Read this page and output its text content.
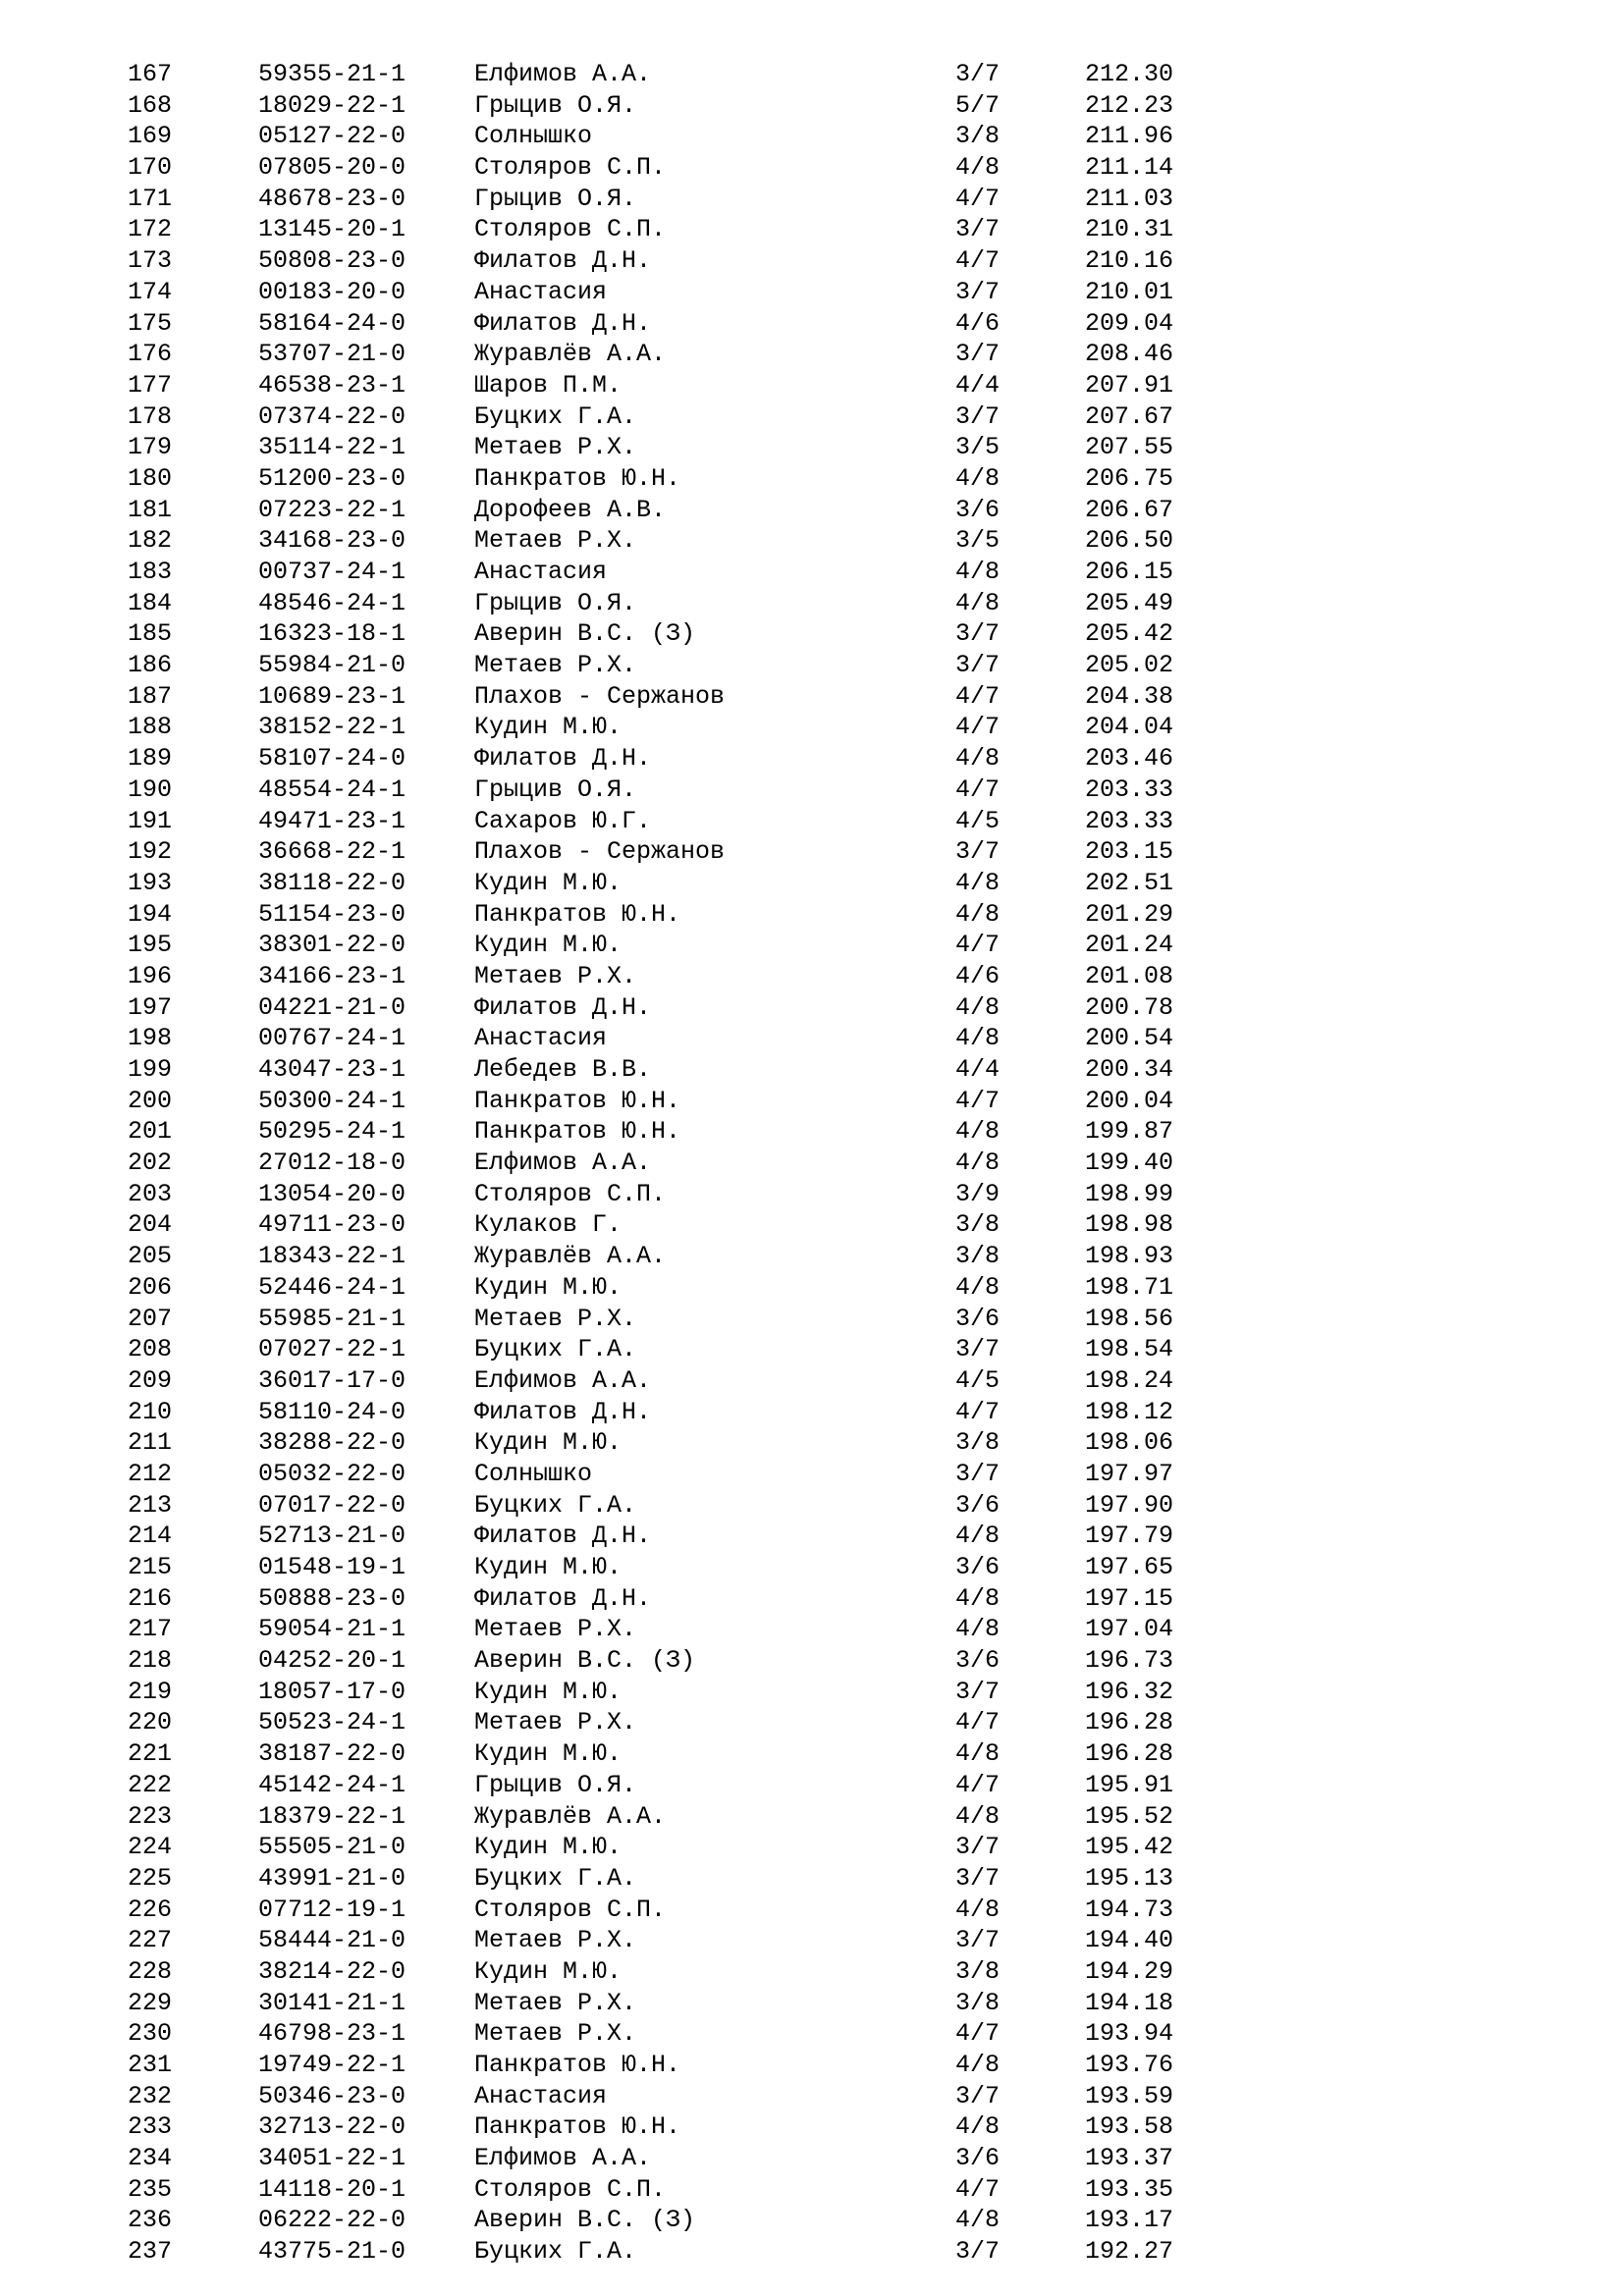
167	59355-21-1	Елфимов А.А.	3/7	212.30
168	18029-22-1	Грыцив О.Я.	5/7	212.23
169	05127-22-0	Солнышко	3/8	211.96
170	07805-20-0	Столяров С.П.	4/8	211.14
171	48678-23-0	Грыцив О.Я.	4/7	211.03
172	13145-20-1	Столяров С.П.	3/7	210.31
173	50808-23-0	Филатов Д.Н.	4/7	210.16
174	00183-20-0	Анастасия	3/7	210.01
175	58164-24-0	Филатов Д.Н.	4/6	209.04
176	53707-21-0	Журавлёв А.А.	3/7	208.46
177	46538-23-1	Шаров П.М.	4/4	207.91
178	07374-22-0	Буцких Г.А.	3/7	207.67
179	35114-22-1	Метаев Р.Х.	3/5	207.55
180	51200-23-0	Панкратов Ю.Н.	4/8	206.75
181	07223-22-1	Дорофеев А.В.	3/6	206.67
182	34168-23-0	Метаев Р.Х.	3/5	206.50
183	00737-24-1	Анастасия	4/8	206.15
184	48546-24-1	Грыцив О.Я.	4/8	205.49
185	16323-18-1	Аверин В.С. (З)	3/7	205.42
186	55984-21-0	Метаев Р.Х.	3/7	205.02
187	10689-23-1	Плахов - Сержанов	4/7	204.38
188	38152-22-1	Кудин М.Ю.	4/7	204.04
189	58107-24-0	Филатов Д.Н.	4/8	203.46
190	48554-24-1	Грыцив О.Я.	4/7	203.33
191	49471-23-1	Сахаров Ю.Г.	4/5	203.33
192	36668-22-1	Плахов - Сержанов	3/7	203.15
193	38118-22-0	Кудин М.Ю.	4/8	202.51
194	51154-23-0	Панкратов Ю.Н.	4/8	201.29
195	38301-22-0	Кудин М.Ю.	4/7	201.24
196	34166-23-1	Метаев Р.Х.	4/6	201.08
197	04221-21-0	Филатов Д.Н.	4/8	200.78
198	00767-24-1	Анастасия	4/8	200.54
199	43047-23-1	Лебедев В.В.	4/4	200.34
200	50300-24-1	Панкратов Ю.Н.	4/7	200.04
201	50295-24-1	Панкратов Ю.Н.	4/8	199.87
202	27012-18-0	Елфимов А.А.	4/8	199.40
203	13054-20-0	Столяров С.П.	3/9	198.99
204	49711-23-0	Кулаков Г.	3/8	198.98
205	18343-22-1	Журавлёв А.А.	3/8	198.93
206	52446-24-1	Кудин М.Ю.	4/8	198.71
207	55985-21-1	Метаев Р.Х.	3/6	198.56
208	07027-22-1	Буцких Г.А.	3/7	198.54
209	36017-17-0	Елфимов А.А.	4/5	198.24
210	58110-24-0	Филатов Д.Н.	4/7	198.12
211	38288-22-0	Кудин М.Ю.	3/8	198.06
212	05032-22-0	Солнышко	3/7	197.97
213	07017-22-0	Буцких Г.А.	3/6	197.90
214	52713-21-0	Филатов Д.Н.	4/8	197.79
215	01548-19-1	Кудин М.Ю.	3/6	197.65
216	50888-23-0	Филатов Д.Н.	4/8	197.15
217	59054-21-1	Метаев Р.Х.	4/8	197.04
218	04252-20-1	Аверин В.С. (З)	3/6	196.73
219	18057-17-0	Кудин М.Ю.	3/7	196.32
220	50523-24-1	Метаев Р.Х.	4/7	196.28
221	38187-22-0	Кудин М.Ю.	4/8	196.28
222	45142-24-1	Грыцив О.Я.	4/7	195.91
223	18379-22-1	Журавлёв А.А.	4/8	195.52
224	55505-21-0	Кудин М.Ю.	3/7	195.42
225	43991-21-0	Буцких Г.А.	3/7	195.13
226	07712-19-1	Столяров С.П.	4/8	194.73
227	58444-21-0	Метаев Р.Х.	3/7	194.40
228	38214-22-0	Кудин М.Ю.	3/8	194.29
229	30141-21-1	Метаев Р.Х.	3/8	194.18
230	46798-23-1	Метаев Р.Х.	4/7	193.94
231	19749-22-1	Панкратов Ю.Н.	4/8	193.76
232	50346-23-0	Анастасия	3/7	193.59
233	32713-22-0	Панкратов Ю.Н.	4/8	193.58
234	34051-22-1	Елфимов А.А.	3/6	193.37
235	14118-20-1	Столяров С.П.	4/7	193.35
236	06222-22-0	Аверин В.С. (З)	4/8	193.17
237	43775-21-0	Буцких Г.А.	3/7	192.27
